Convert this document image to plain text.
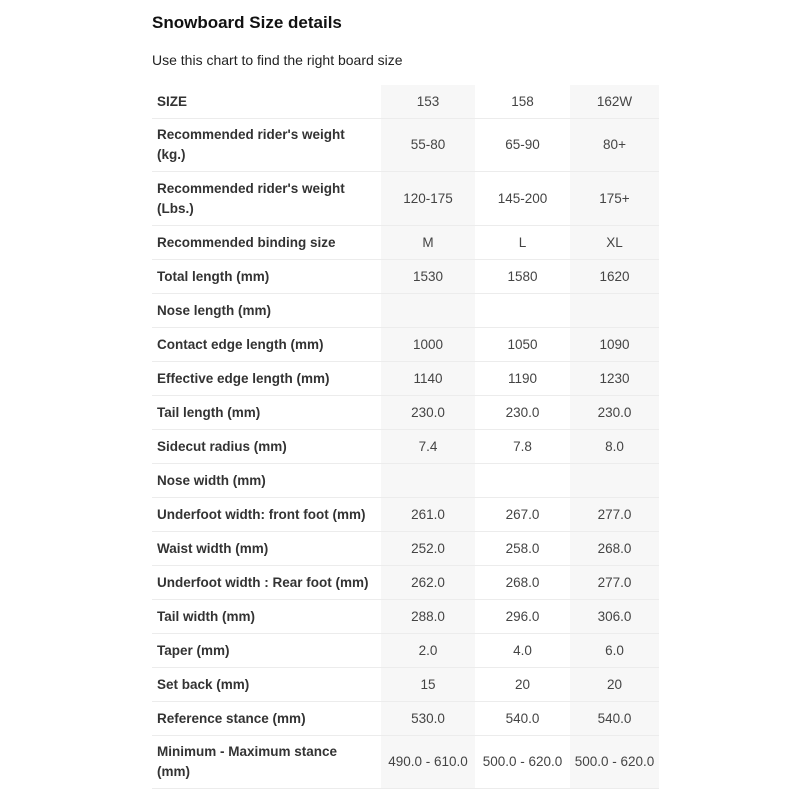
Snowboard Size details

Use this chart to find the right board size

SIZE	153	158	162W
Recommended rider's weight (kg.)	55-80	65-90	80+
Recommended rider's weight (Lbs.)	120-175	145-200	175+
Recommended binding size	M	L	XL
Total length (mm)	1530	1580	1620
Nose length (mm)			
Contact edge length (mm)	1000	1050	1090
Effective edge length (mm)	1140	1190	1230
Tail length (mm)	230.0	230.0	230.0
Sidecut radius (mm)	7.4	7.8	8.0
Nose width (mm)			
Underfoot width: front foot (mm)	261.0	267.0	277.0
Waist width (mm)	252.0	258.0	268.0
Underfoot width : Rear foot (mm)	262.0	268.0	277.0
Tail width (mm)	288.0	296.0	306.0
Taper (mm)	2.0	4.0	6.0
Set back (mm)	15	20	20
Reference stance (mm)	530.0	540.0	540.0
Minimum - Maximum stance (mm)	490.0 - 610.0	500.0 - 620.0	500.0 - 620.0
